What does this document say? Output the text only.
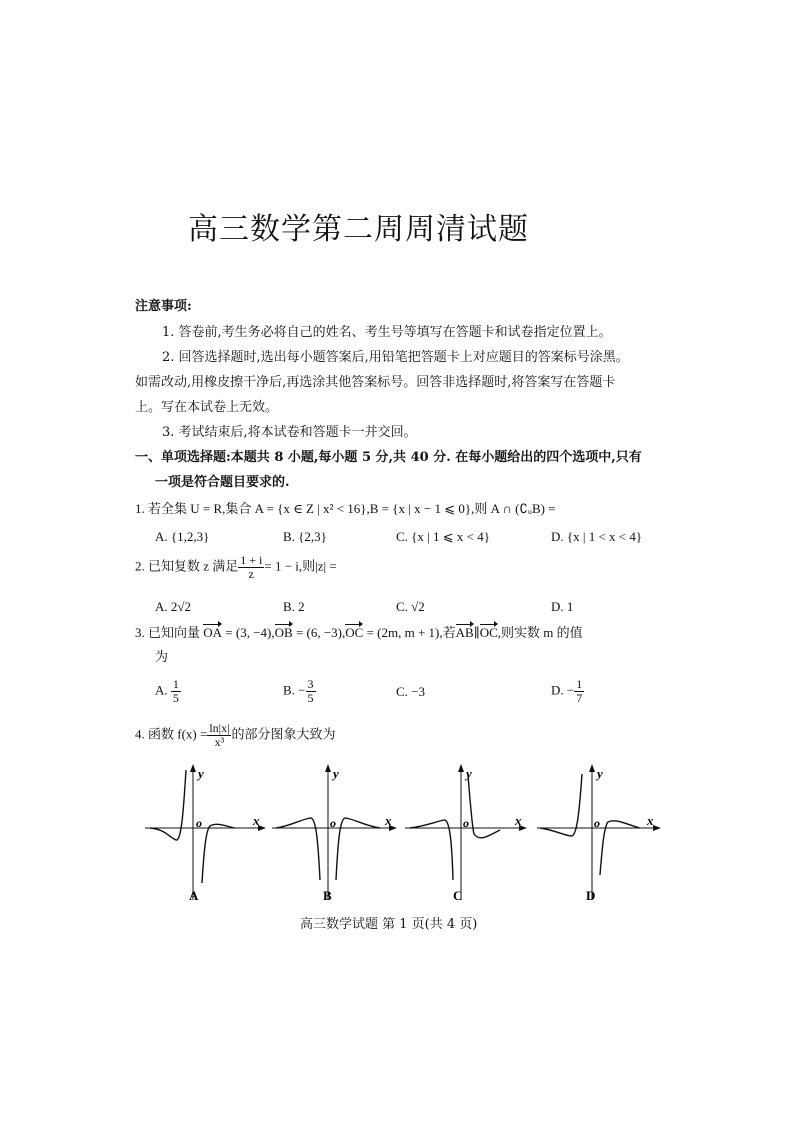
高三数学第二周周清试题
注意事项:
1. 答卷前,考生务必将自己的姓名、考生号等填写在答题卡和试卷指定位置上。
2. 回答选择题时,选出每小题答案后,用铅笔把答题卡上对应题目的答案标号涂黑。
如需改动,用橡皮擦干净后,再选涂其他答案标号。回答非选择题时,将答案写在答题卡
上。写在本试卷上无效。
3. 考试结束后,将本试卷和答题卡一并交回。
一、单项选择题:本题共 8 小题,每小题 5 分,共 40 分. 在每小题给出的四个选项中,只有
一项是符合题目要求的.
1. 若全集 U = R,集合 A = {x ∈ Z | x² < 16},B = {x | x − 1 ⩽ 0},则 A ∩ (∁ᵤB) =
A. {1,2,3}	B. {2,3}	C. {x | 1 ⩽ x < 4}	D. {x | 1 < x < 4}
2. 已知复数 z 满足 $\frac{1 + i}{z} = 1 - i$,则|z| =
A. 2√2	B. 2	C. √2	D. 1
3. 已知向量 OA = (3, −4),OB = (6, −3),OC = (2m, m + 1),若AB∥OC,则实数 m 的值
为
A. $\frac{1}{5}$	B. − $\frac{3}{5}$	C. −3	D. − $\frac{1}{7}$
4. 函数 $f(x) = \frac{\ln|x|}{\text{x³}}$ 的部分图象大致为
y
o	x
A
y
o	x
B
y
o	x
C
y
o	x
D
高三数学试题 第 1 页(共 4 页)
